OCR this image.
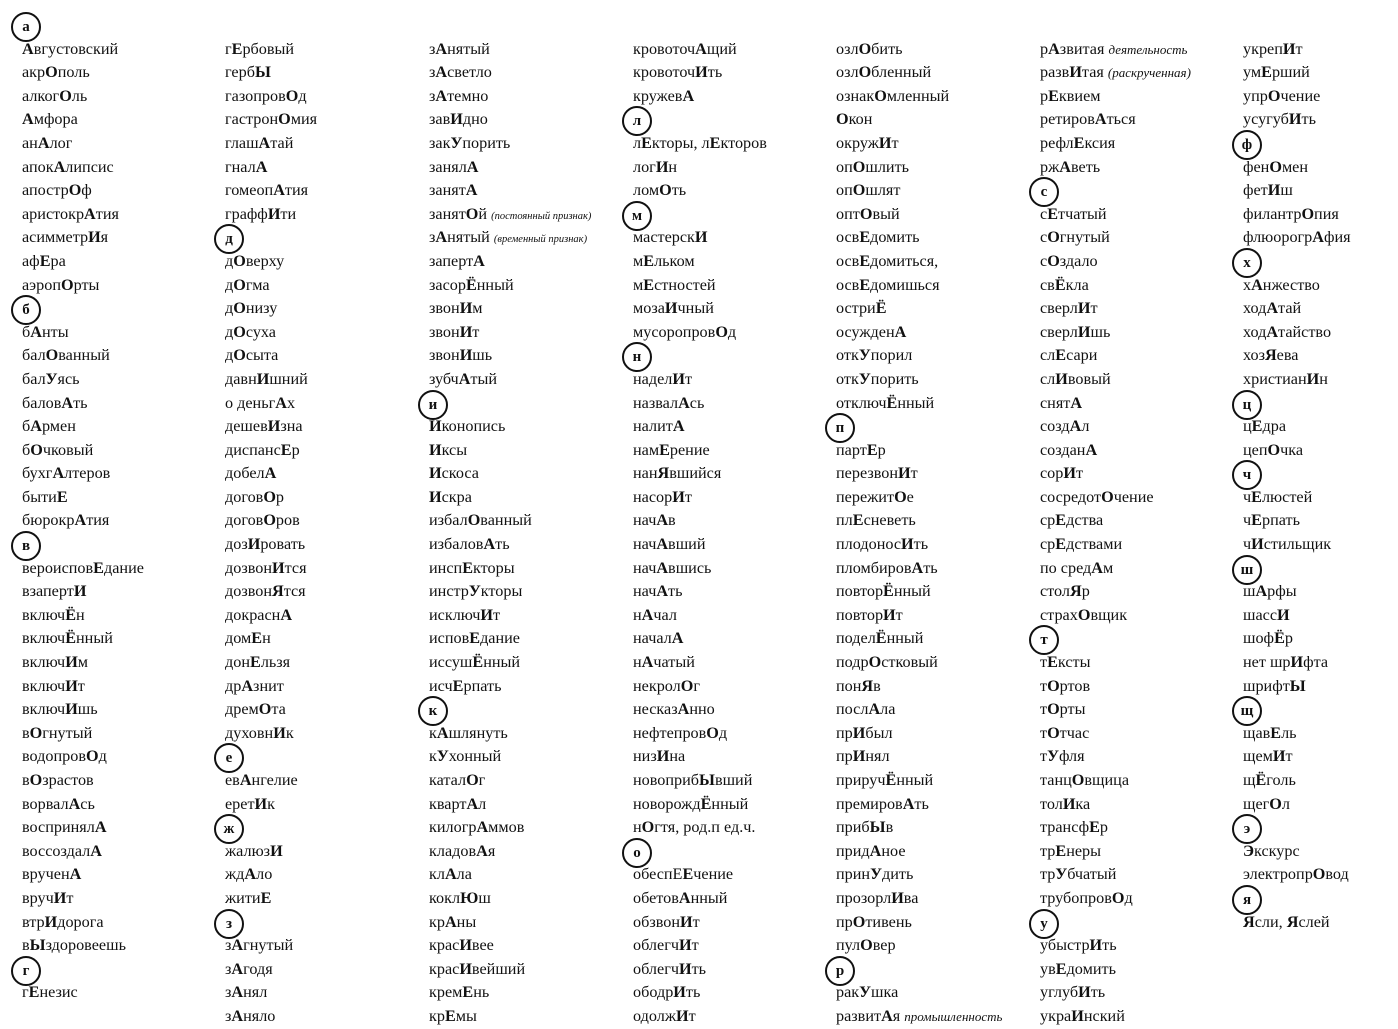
а
Августовский
акрОполь
алкогОль
Амфора
анАлог
апокАлипсис
апострОф
аристокрАтия
асимметрИя
афЕра
аэропОрты
б
бАнты
балОванный
балУясь
баловАть
бАрмен
бОчковый
бухгАлтеров
бытиЕ
бюрокрАтия
в
вероисповЕдание
взапертИ
включЁн
включЁнный
включИм
включИт
включИшь
вОгнутый
водопровОд
вОзрастов
ворвалАсь
воспринялА
воссоздалА
врученА
вручИт
втрИдорога
вЫздоровеешь
г
гЕнезис
гЕрбовый
гербЫ
газопровОд
гастронОмия
глашАтай
гналА
гомеопАтия
граффИти
д
дОверху
дОгма
дОнизу
дОсуха
дОсыта
давнИшний
о деньгАх
дешевИзна
диспансЕр
добелА
договОр
договОров
дозИровать
дозвонИтся
дозвонЯтся
докраснА
домЕн
донЕльзя
дрАзнит
дремОта
духовнИк
е
евАнгелие
еретИк
ж
жалюзИ
ждАло
житиЕ
з
зАгнутый
зАгодя
зАнял
зАняло
зАнятый
зАсветло
зАтемно
завИдно
закУпорить
занялА
занятА
занятОй (постоянный признак)
зАнятый (временный признак)
запертА
засорЁнный
звонИм
звонИт
звонИшь
зубчАтый
и
Иконопись
Иксы
Искоса
Искра
избалОванный
избаловАть
инспЕкторы
инстрУкторы
исключИт
исповЕдание
иссушЁнный
исчЕрпать
к
кАшлянуть
кУхонный
каталОг
квартАл
килогрАммов
кладовАя
клАла
коклЮш
крАны
красИвее
красИвейший
кремЕнь
крЕмы
кровоточАщий
кровоточИть
кружевА
л
лЕкторы, лЕкторов
логИн
ломОть
м
мастерскИ
мЕльком
мЕстностей
мозаИчный
мусоропровОд
н
наделИт
назвалАсь
налитА
намЕрение
нанЯвшийся
насорИт
начАв
начАвший
начАвшись
начАть
нАчал
началА
нАчатый
некролОг
несказАнно
нефтепровОд
низИна
новоприбЫвший
новорождЁнный
нОгтя, род.п ед.ч.
о
обеспЕЕчение
обетовАнный
обзвонИт
облегчИт
облегчИть
ободрИть
одолжИт
озлОбить
озлОбленный
ознакОмленный
Окон
окружИт
опОшлить
опОшлят
оптОвый
освЕдомить
освЕдомиться,
освЕдомишься
остриЁ
осужденА
откУпорил
откУпорить
отключЁнный
п
партЕр
перезвонИт
пережитОе
плЕсневеть
плодоносИть
пломбировАть
повторЁнный
повторИт
поделЁнный
подрОстковый
понЯв
послАла
прИбыл
прИнял
приручЁнный
премировАть
прибЫв
придАное
принУдить
прозорлИва
прОтивень
пулОвер
р
ракУшка
развитАя промышленность
рАзвитая деятельность
развИтая (раскрученная)
рЕквием
ретировАться
рефлЕксия
ржАветь
с
сЕтчатый
сОгнутый
сОздало
свЁкла
сверлИт
сверлИшь
слЕсари
слИвовый
снятА
создАл
созданА
сорИт
сосредотОчение
срЕдства
срЕдствами
по средАм
столЯр
страхОвщик
т
тЕксты
тОртов
тОрты
тОтчас
тУфля
танцОвщица
толИка
трансфЕр
трЕнеры
трУбчатый
трубопровОд
у
убыстрИть
увЕдомить
углубИть
украИнский
укрепИт
умЕрший
упрОчение
усугубИть
ф
фенОмен
фетИш
филантрОпия
флюорогрАфия
х
хАнжество
ходАтай
ходАтайство
хозЯева
христианИн
ц
цЕдра
цепОчка
ч
чЕлюстей
чЕрпать
чИстильщик
ш
шАрфы
шассИ
шофЁр
нет шрИфта
шрифтЫ
щ
щавЕль
щемИт
щЁголь
щегОл
э
Экскурс
электропрОвод
я
Ясли, Яслей
